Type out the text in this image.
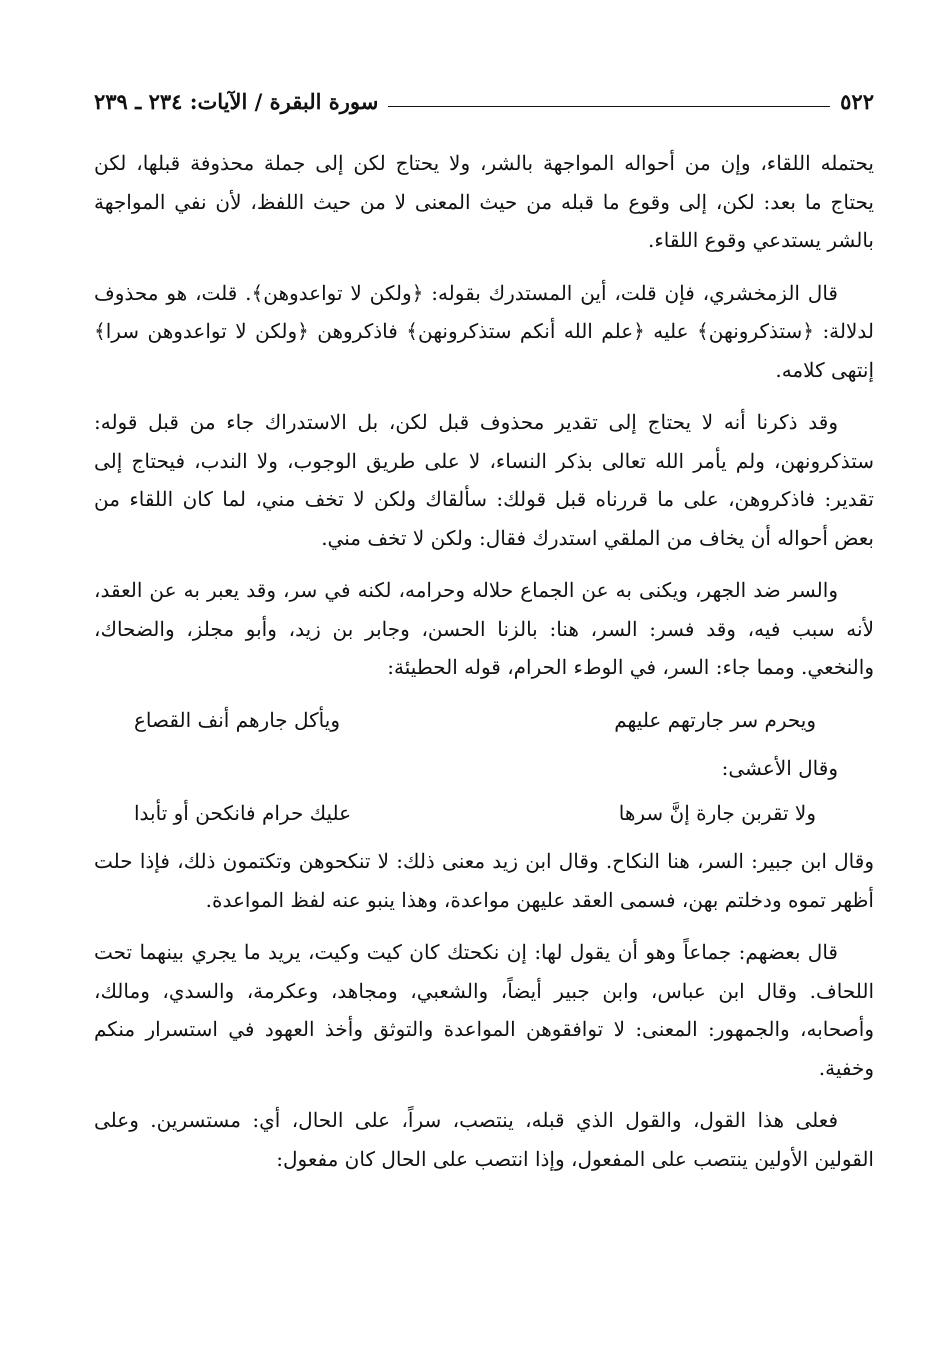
٥٢٢
سورة البقرة / الآيات: ٢٣٤ ـ ٢٣٩

يحتمله اللقاء، وإن من أحواله المواجهة بالشر، ولا يحتاج لكن إلى جملة محذوفة قبلها، لكن يحتاج ما بعد: لكن، إلى وقوع ما قبله من حيث المعنى لا من حيث اللفظ، لأن نفي المواجهة بالشر يستدعي وقوع اللقاء.

قال الزمخشري، فإن قلت، أين المستدرك بقوله: ﴿ولكن لا تواعدوهن﴾. قلت، هو محذوف لدلالة: ﴿ستذكرونهن﴾ عليه ﴿علم الله أنكم ستذكرونهن﴾ فاذكروهن ﴿ولكن لا تواعدوهن سرا﴾ إنتهى كلامه.

وقد ذكرنا أنه لا يحتاج إلى تقدير محذوف قبل لكن، بل الاستدراك جاء من قبل قوله: ستذكرونهن، ولم يأمر الله تعالى بذكر النساء، لا على طريق الوجوب، ولا الندب، فيحتاج إلى تقدير: فاذكروهن، على ما قررناه قبل قولك: سألقاك ولكن لا تخف مني، لما كان اللقاء من بعض أحواله أن يخاف من الملقي استدرك فقال: ولكن لا تخف مني.

والسر ضد الجهر، ويكنى به عن الجماع حلاله وحرامه، لكنه في سر، وقد يعبر به عن العقد، لأنه سبب فيه، وقد فسر: السر، هنا: بالزنا الحسن، وجابر بن زيد، وأبو مجلز، والضحاك، والنخعي. ومما جاء: السر، في الوطء الحرام، قوله الحطيئة:

ويحرم سر جارتهم عليهم
ويأكل جارهم أنف القصاع

وقال الأعشى:

ولا تقربن جارة إنَّ سرها
عليك حرام فانكحن أو تأبدا

وقال ابن جبير: السر، هنا النكاح. وقال ابن زيد معنى ذلك: لا تنكحوهن وتكتمون ذلك، فإذا حلت أظهر تموه ودخلتم بهن، فسمى العقد عليهن مواعدة، وهذا ينبو عنه لفظ المواعدة.

قال بعضهم: جماعاً وهو أن يقول لها: إن نكحتك كان كيت وكيت، يريد ما يجري بينهما تحت اللحاف. وقال ابن عباس، وابن جبير أيضاً، والشعبي، ومجاهد، وعكرمة، والسدي، ومالك، وأصحابه، والجمهور: المعنى: لا توافقوهن المواعدة والتوثق وأخذ العهود في استسرار منكم وخفية.

فعلى هذا القول، والقول الذي قبله، ينتصب، سراً، على الحال، أي: مستسرين. وعلى القولين الأولين ينتصب على المفعول، وإذا انتصب على الحال كان مفعول:
